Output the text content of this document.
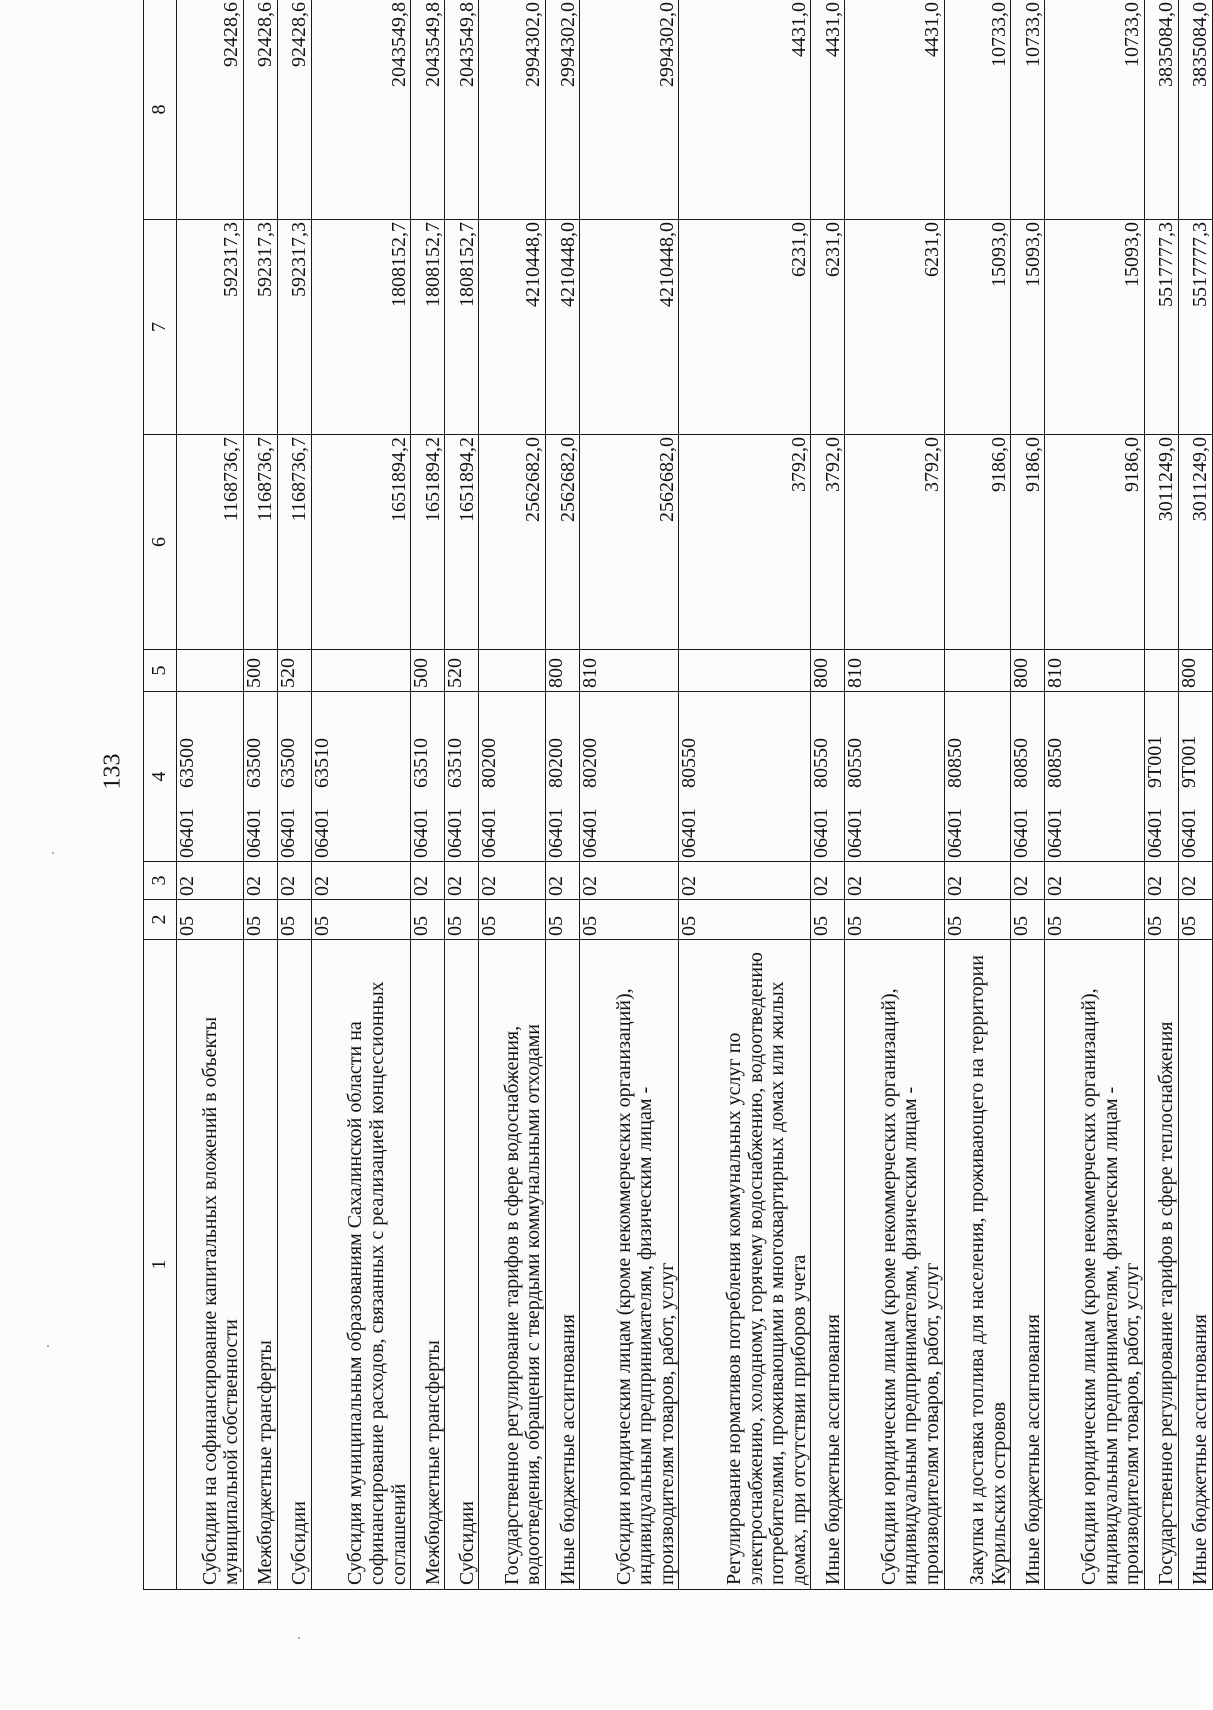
133
1	2	3	4	5	6	7	8
Субсидии на софинансирование капитальных вложений в объекты муниципальной собственности	05	02	0640163500		1168736,7	592317,3	92428,6
Межбюджетные трансферты	05	02	0640163500	500	1168736,7	592317,3	92428,6
Субсидии	05	02	0640163500	520	1168736,7	592317,3	92428,6
Субсидия муниципальным образованиям Сахалинской области на софинансирование расходов, связанных с реализацией концессионных соглашений	05	02	0640163510		1651894,2	1808152,7	2043549,8
Межбюджетные трансферты	05	02	0640163510	500	1651894,2	1808152,7	2043549,8
Субсидии	05	02	0640163510	520	1651894,2	1808152,7	2043549,8
Государственное регулирование тарифов в сфере водоснабжения, водоотведения, обращения с твердыми коммунальными отходами	05	02	0640180200		2562682,0	4210448,0	2994302,0
Иные бюджетные ассигнования	05	02	0640180200	800	2562682,0	4210448,0	2994302,0
Субсидии юридическим лицам (кроме некоммерческих организаций), индивидуальным предпринимателям, физическим лицам - производителям товаров, работ, услуг	05	02	0640180200	810	2562682,0	4210448,0	2994302,0
Регулирование нормативов потребления коммунальных услуг по электроснабжению, холодному, горячему водоснабжению, водоотведению потребителями, проживающими в многоквартирных домах или жилых домах, при отсутствии приборов учета	05	02	0640180550		3792,0	6231,0	4431,0
Иные бюджетные ассигнования	05	02	0640180550	800	3792,0	6231,0	4431,0
Субсидии юридическим лицам (кроме некоммерческих организаций), индивидуальным предпринимателям, физическим лицам - производителям товаров, работ, услуг	05	02	0640180550	810	3792,0	6231,0	4431,0
Закупка и доставка топлива для населения, проживающего на территории Курильских островов	05	02	0640180850		9186,0	15093,0	10733,0
Иные бюджетные ассигнования	05	02	0640180850	800	9186,0	15093,0	10733,0
Субсидии юридическим лицам (кроме некоммерческих организаций), индивидуальным предпринимателям, физическим лицам - производителям товаров, работ, услуг	05	02	0640180850	810	9186,0	15093,0	10733,0
Государственное регулирование тарифов в сфере теплоснабжения	05	02	064019Т001		3011249,0	5517777,3	3835084,0
Иные бюджетные ассигнования	05	02	064019Т001	800	3011249,0	5517777,3	3835084,0
